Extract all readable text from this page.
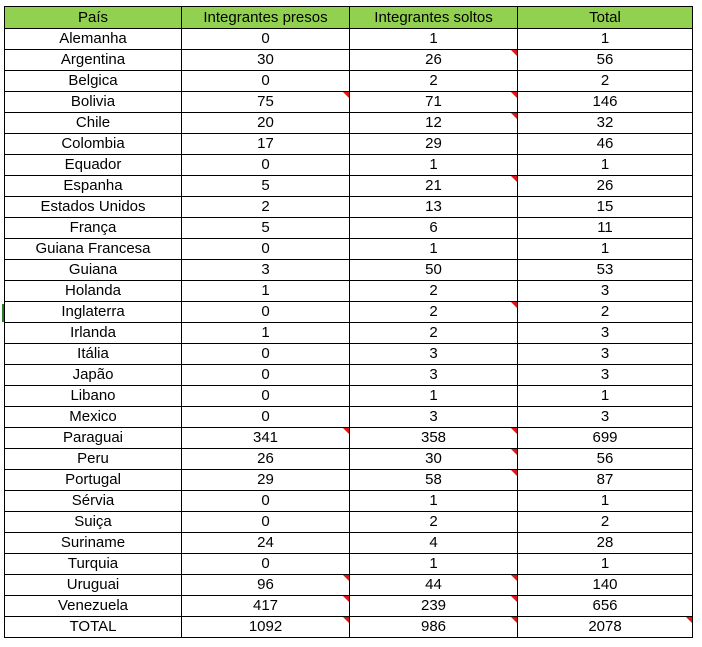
País	Integrantes presos	Integrantes soltos	Total
Alemanha	0	1	1
Argentina	30	26	56
Belgica	0	2	2
Bolivia	75	71	146
Chile	20	12	32
Colombia	17	29	46
Equador	0	1	1
Espanha	5	21	26
Estados Unidos	2	13	15
França	5	6	11
Guiana Francesa	0	1	1
Guiana	3	50	53
Holanda	1	2	3
Inglaterra	0	2	2
Irlanda	1	2	3
Itália	0	3	3
Japão	0	3	3
Libano	0	1	1
Mexico	0	3	3
Paraguai	341	358	699
Peru	26	30	56
Portugal	29	58	87
Sérvia	0	1	1
Suiça	0	2	2
Suriname	24	4	28
Turquia	0	1	1
Uruguai	96	44	140
Venezuela	417	239	656
TOTAL	1092	986	2078
